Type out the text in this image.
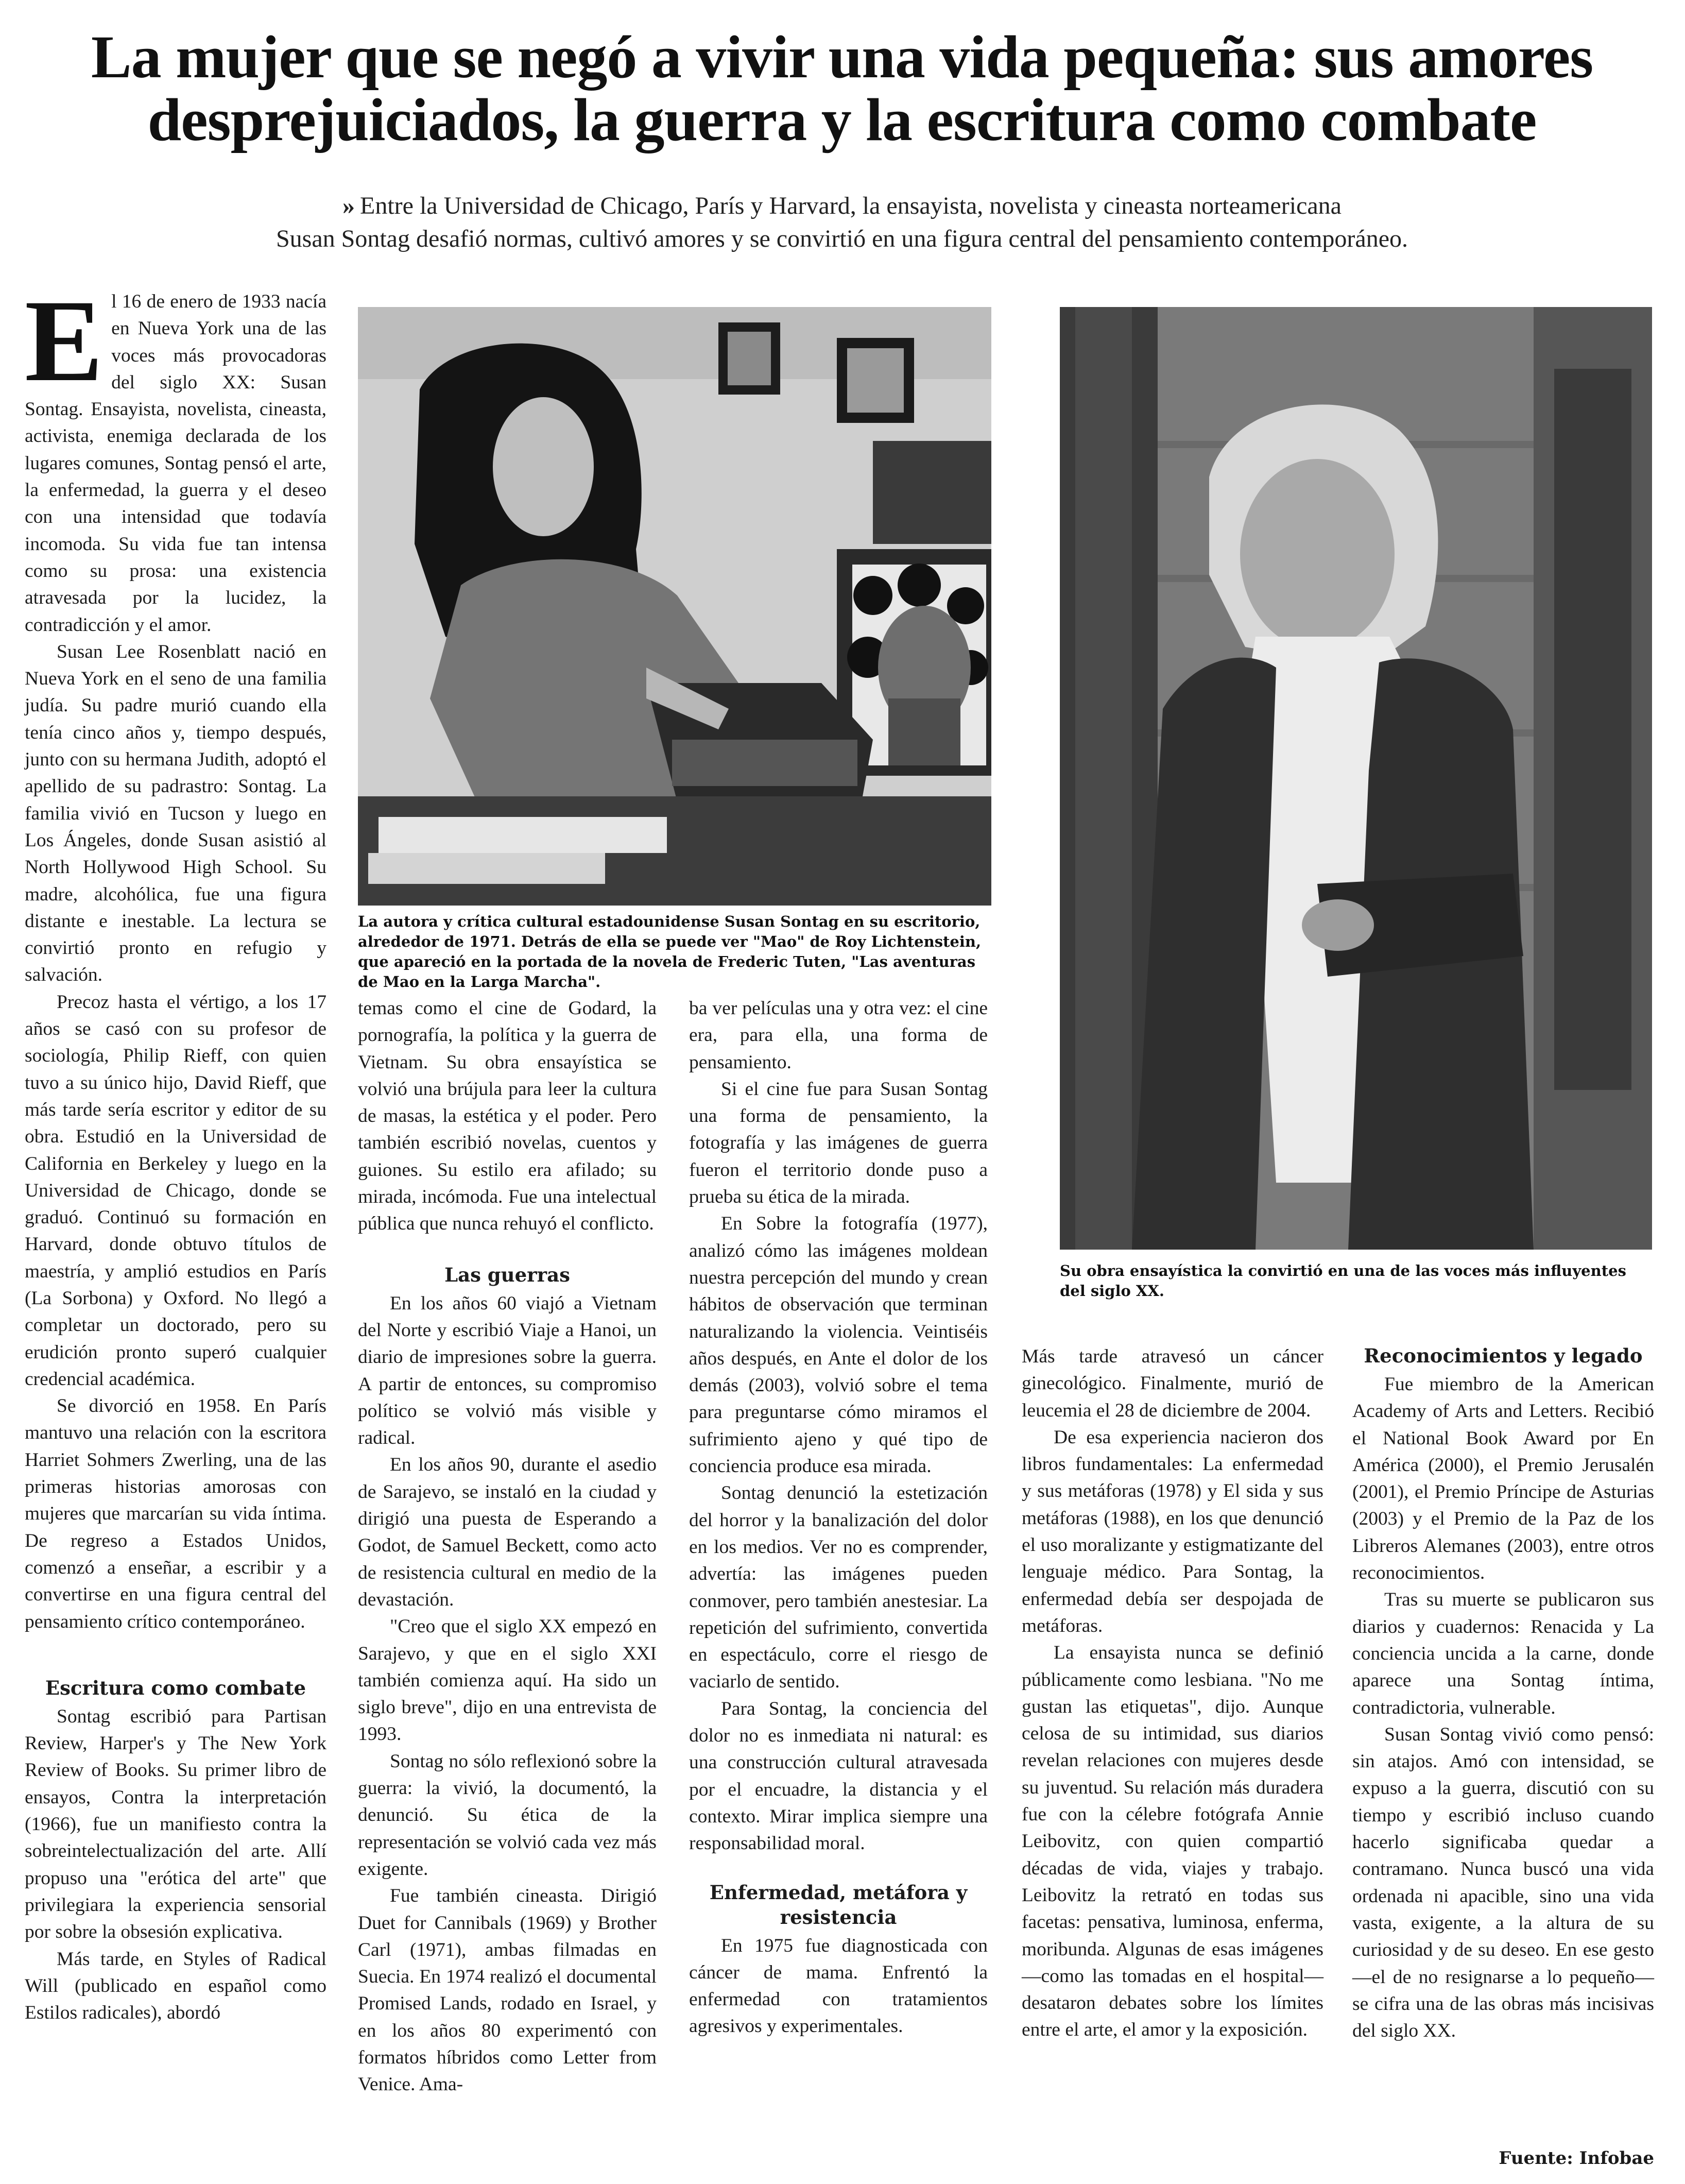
La mujer que se negó a vivir una vida pequeña: sus amores desprejuiciados, la guerra y la escritura como combate
» Entre la Universidad de Chicago, París y Harvard, la ensayista, novelista y cineasta norteamericana
Susan Sontag desafió normas, cultivó amores y se convirtió en una figura central del pensamiento contemporáneo.

La autora y crítica cultural estadounidense Susan Sontag en su escritorio, alrededor de 1971. Detrás de ella se puede ver "Mao" de Roy Lichtenstein, que apareció en la portada de la novela de Frederic Tuten, "Las aventuras de Mao en la Larga Marcha".

Su obra ensayística la convirtió en una de las voces más influyentes del siglo XX.

El 16 de enero de 1933 nacía en Nueva York una de las voces más provocadoras del siglo XX: Susan Sontag. Ensayista, novelista, cineasta, activista, enemiga declarada de los lugares comunes, Sontag pensó el arte, la enfermedad, la guerra y el deseo con una intensidad que todavía incomoda. Su vida fue tan intensa como su prosa: una existencia atravesada por la lucidez, la contradicción y el amor.

Susan Lee Rosenblatt nació en Nueva York en el seno de una familia judía. Su padre murió cuando ella tenía cinco años y, tiempo después, junto con su hermana Judith, adoptó el apellido de su padrastro: Sontag. La familia vivió en Tucson y luego en Los Ángeles, donde Susan asistió al North Hollywood High School. Su madre, alcohólica, fue una figura distante e inestable. La lectura se convirtió pronto en refugio y salvación.

Precoz hasta el vértigo, a los 17 años se casó con su profesor de sociología, Philip Rieff, con quien tuvo a su único hijo, David Rieff, que más tarde sería escritor y editor de su obra. Estudió en la Universidad de California en Berkeley y luego en la Universidad de Chicago, donde se graduó. Continuó su formación en Harvard, donde obtuvo títulos de maestría, y amplió estudios en París (La Sorbona) y Oxford. No llegó a completar un doctorado, pero su erudición pronto superó cualquier credencial académica.

Se divorció en 1958. En París mantuvo una relación con la escritora Harriet Sohmers Zwerling, una de las primeras historias amorosas con mujeres que marcarían su vida íntima. De regreso a Estados Unidos, comenzó a enseñar, a escribir y a convertirse en una figura central del pensamiento crítico contemporáneo.

Escritura como combate

Sontag escribió para Partisan Review, Harper's y The New York Review of Books. Su primer libro de ensayos, Contra la interpretación (1966), fue un manifiesto contra la sobreintelectualización del arte. Allí propuso una "erótica del arte" que privilegiara la experiencia sensorial por sobre la obsesión explicativa.

Más tarde, en Styles of Radical Will (publicado en español como Estilos radicales), abordó

temas como el cine de Godard, la pornografía, la política y la guerra de Vietnam. Su obra ensayística se volvió una brújula para leer la cultura de masas, la estética y el poder. Pero también escribió novelas, cuentos y guiones. Su estilo era afilado; su mirada, incómoda. Fue una intelectual pública que nunca rehuyó el conflicto.

Las guerras

En los años 60 viajó a Vietnam del Norte y escribió Viaje a Hanoi, un diario de impresiones sobre la guerra. A partir de entonces, su compromiso político se volvió más visible y radical.

En los años 90, durante el asedio de Sarajevo, se instaló en la ciudad y dirigió una puesta de Esperando a Godot, de Samuel Beckett, como acto de resistencia cultural en medio de la devastación.

"Creo que el siglo XX empezó en Sarajevo, y que en el siglo XXI también comienza aquí. Ha sido un siglo breve", dijo en una entrevista de 1993.

Sontag no sólo reflexionó sobre la guerra: la vivió, la documentó, la denunció. Su ética de la representación se volvió cada vez más exigente.

Fue también cineasta. Dirigió Duet for Cannibals (1969) y Brother Carl (1971), ambas filmadas en Suecia. En 1974 realizó el documental Promised Lands, rodado en Israel, y en los años 80 experimentó con formatos híbridos como Letter from Venice. Ama-

ba ver películas una y otra vez: el cine era, para ella, una forma de pensamiento.

Si el cine fue para Susan Sontag una forma de pensamiento, la fotografía y las imágenes de guerra fueron el territorio donde puso a prueba su ética de la mirada.

En Sobre la fotografía (1977), analizó cómo las imágenes moldean nuestra percepción del mundo y crean hábitos de observación que terminan naturalizando la violencia. Veintiséis años después, en Ante el dolor de los demás (2003), volvió sobre el tema para preguntarse cómo miramos el sufrimiento ajeno y qué tipo de conciencia produce esa mirada.

Sontag denunció la estetización del horror y la banalización del dolor en los medios. Ver no es comprender, advertía: las imágenes pueden conmover, pero también anestesiar. La repetición del sufrimiento, convertida en espectáculo, corre el riesgo de vaciarlo de sentido.

Para Sontag, la conciencia del dolor no es inmediata ni natural: es una construcción cultural atravesada por el encuadre, la distancia y el contexto. Mirar implica siempre una responsabilidad moral.

Enfermedad, metáfora y resistencia

En 1975 fue diagnosticada con cáncer de mama. Enfrentó la enfermedad con tratamientos agresivos y experimentales.

Más tarde atravesó un cáncer ginecológico. Finalmente, murió de leucemia el 28 de diciembre de 2004.

De esa experiencia nacieron dos libros fundamentales: La enfermedad y sus metáforas (1978) y El sida y sus metáforas (1988), en los que denunció el uso moralizante y estigmatizante del lenguaje médico. Para Sontag, la enfermedad debía ser despojada de metáforas.

La ensayista nunca se definió públicamente como lesbiana. "No me gustan las etiquetas", dijo. Aunque celosa de su intimidad, sus diarios revelan relaciones con mujeres desde su juventud. Su relación más duradera fue con la célebre fotógrafa Annie Leibovitz, con quien compartió décadas de vida, viajes y trabajo. Leibovitz la retrató en todas sus facetas: pensativa, luminosa, enferma, moribunda. Algunas de esas imágenes —como las tomadas en el hospital— desataron debates sobre los límites entre el arte, el amor y la exposición.

Reconocimientos y legado

Fue miembro de la American Academy of Arts and Letters. Recibió el National Book Award por En América (2000), el Premio Jerusalén (2001), el Premio Príncipe de Asturias (2003) y el Premio de la Paz de los Libreros Alemanes (2003), entre otros reconocimientos.

Tras su muerte se publicaron sus diarios y cuadernos: Renacida y La conciencia uncida a la carne, donde aparece una Sontag íntima, contradictoria, vulnerable.

Susan Sontag vivió como pensó: sin atajos. Amó con intensidad, se expuso a la guerra, discutió con su tiempo y escribió incluso cuando hacerlo significaba quedar a contramano. Nunca buscó una vida ordenada ni apacible, sino una vida vasta, exigente, a la altura de su curiosidad y de su deseo. En ese gesto —el de no resignarse a lo pequeño— se cifra una de las obras más incisivas del siglo XX.

Fuente: Infobae
